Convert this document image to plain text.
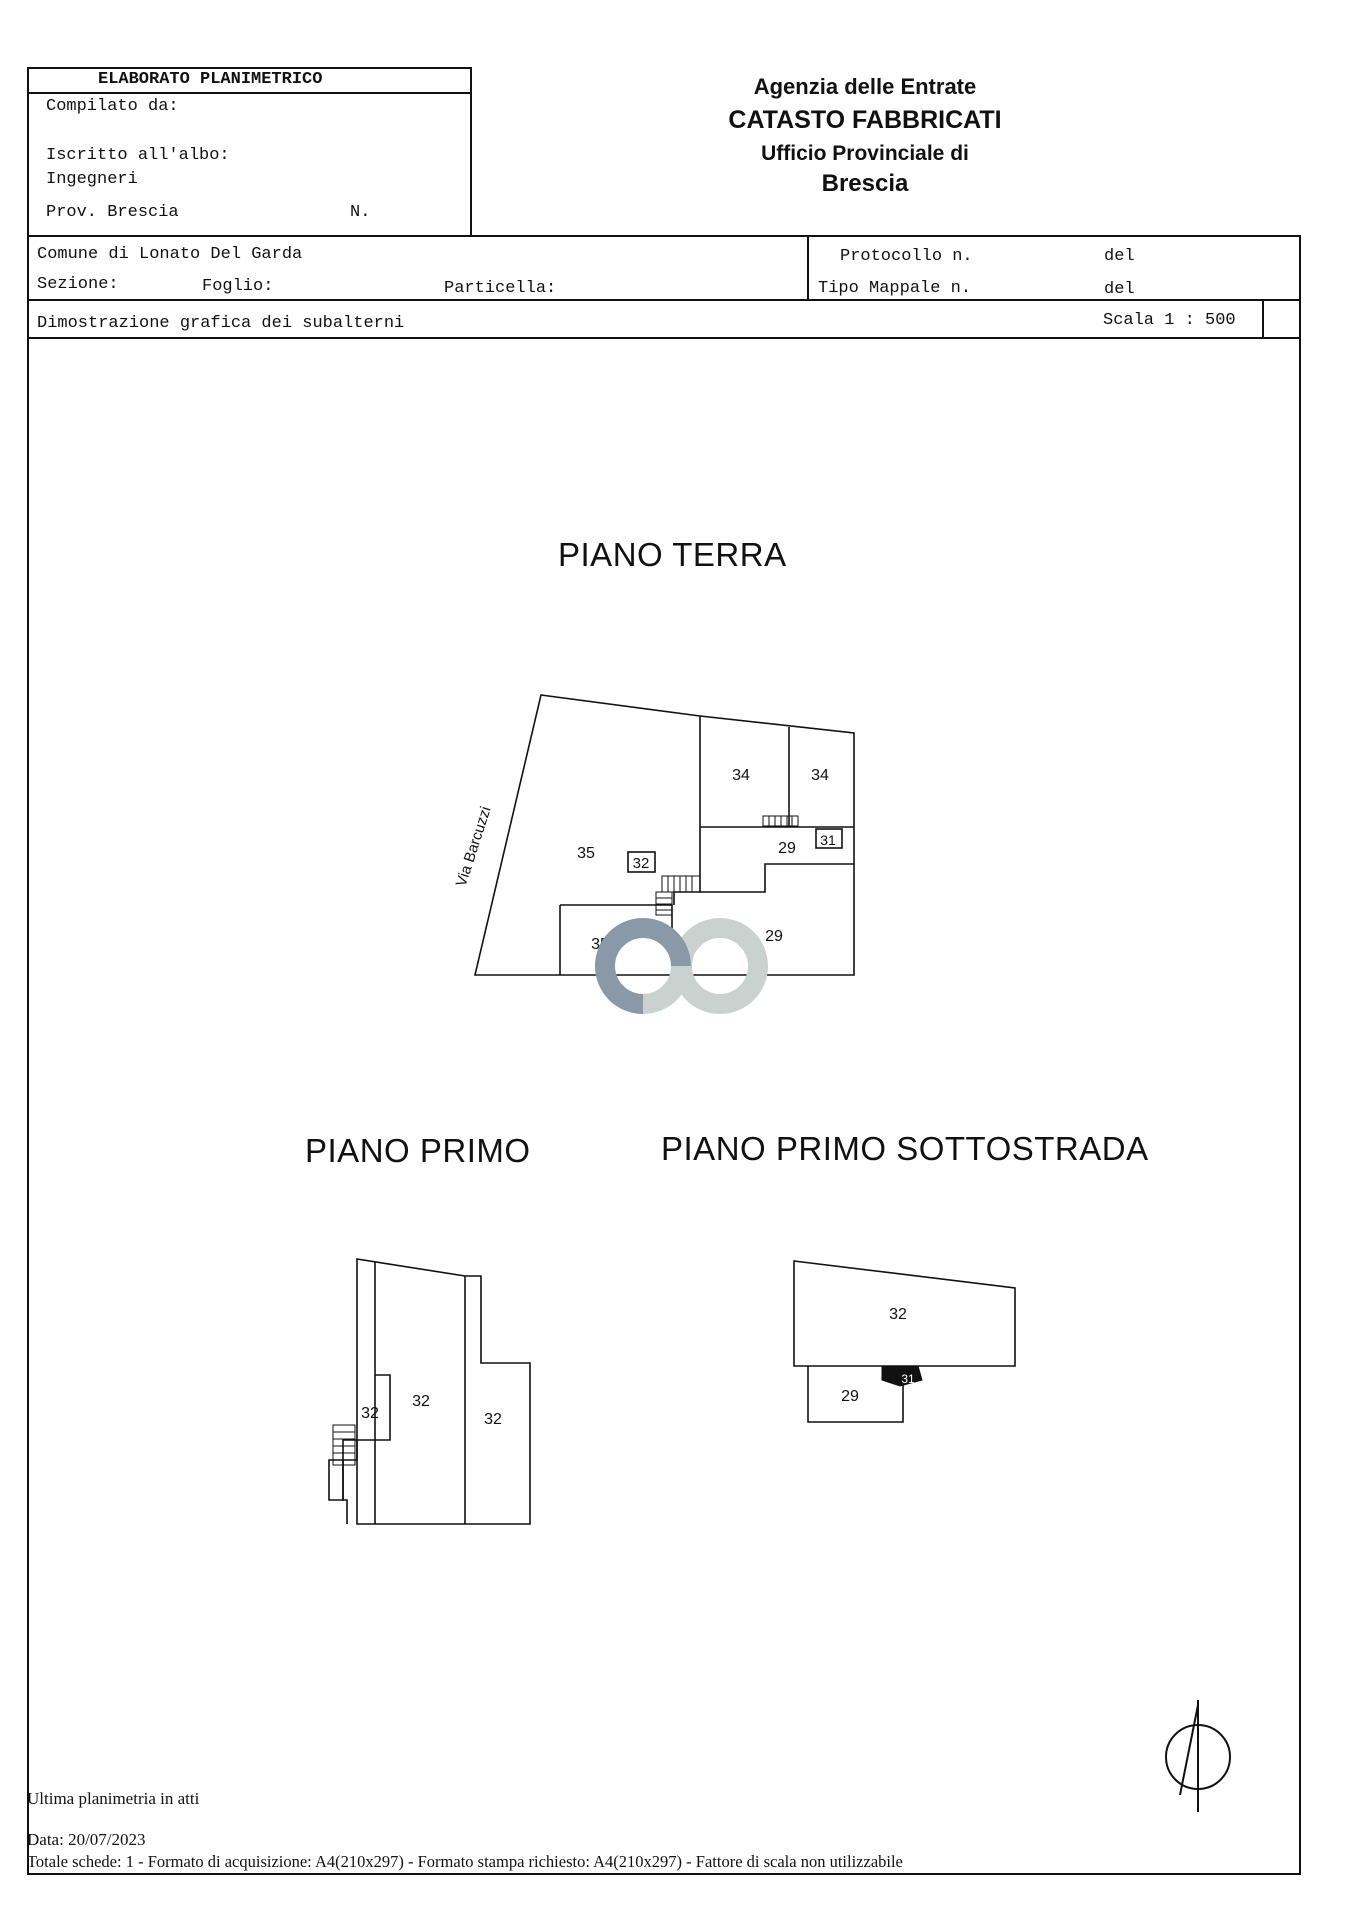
ELABORATO PLANIMETRICO
Compilato da:
Iscritto all'albo:
Ingegneri
Prov. Brescia	N.
Agenzia delle Entrate
CATASTO FABBRICATI
Ufficio Provinciale di
Brescia
Comune di Lonato Del Garda
Sezione:	Foglio:	Particella:
Protocollo n.	del
Tipo Mappale n.	del
Dimostrazione grafica dei subalterni	Scala 1 : 500
PIANO TERRA
PIANO PRIMO	PIANO PRIMO SOTTOSTRADA
34	34
35
32
29 31
35	29
32
32
32
32
29
31
Via Barcuzzi
Ultima planimetria in atti
Data: 20/07/2023
Totale schede: 1 - Formato di acquisizione: A4(210x297) - Formato stampa richiesto: A4(210x297) - Fattore di scala non utilizzabile
